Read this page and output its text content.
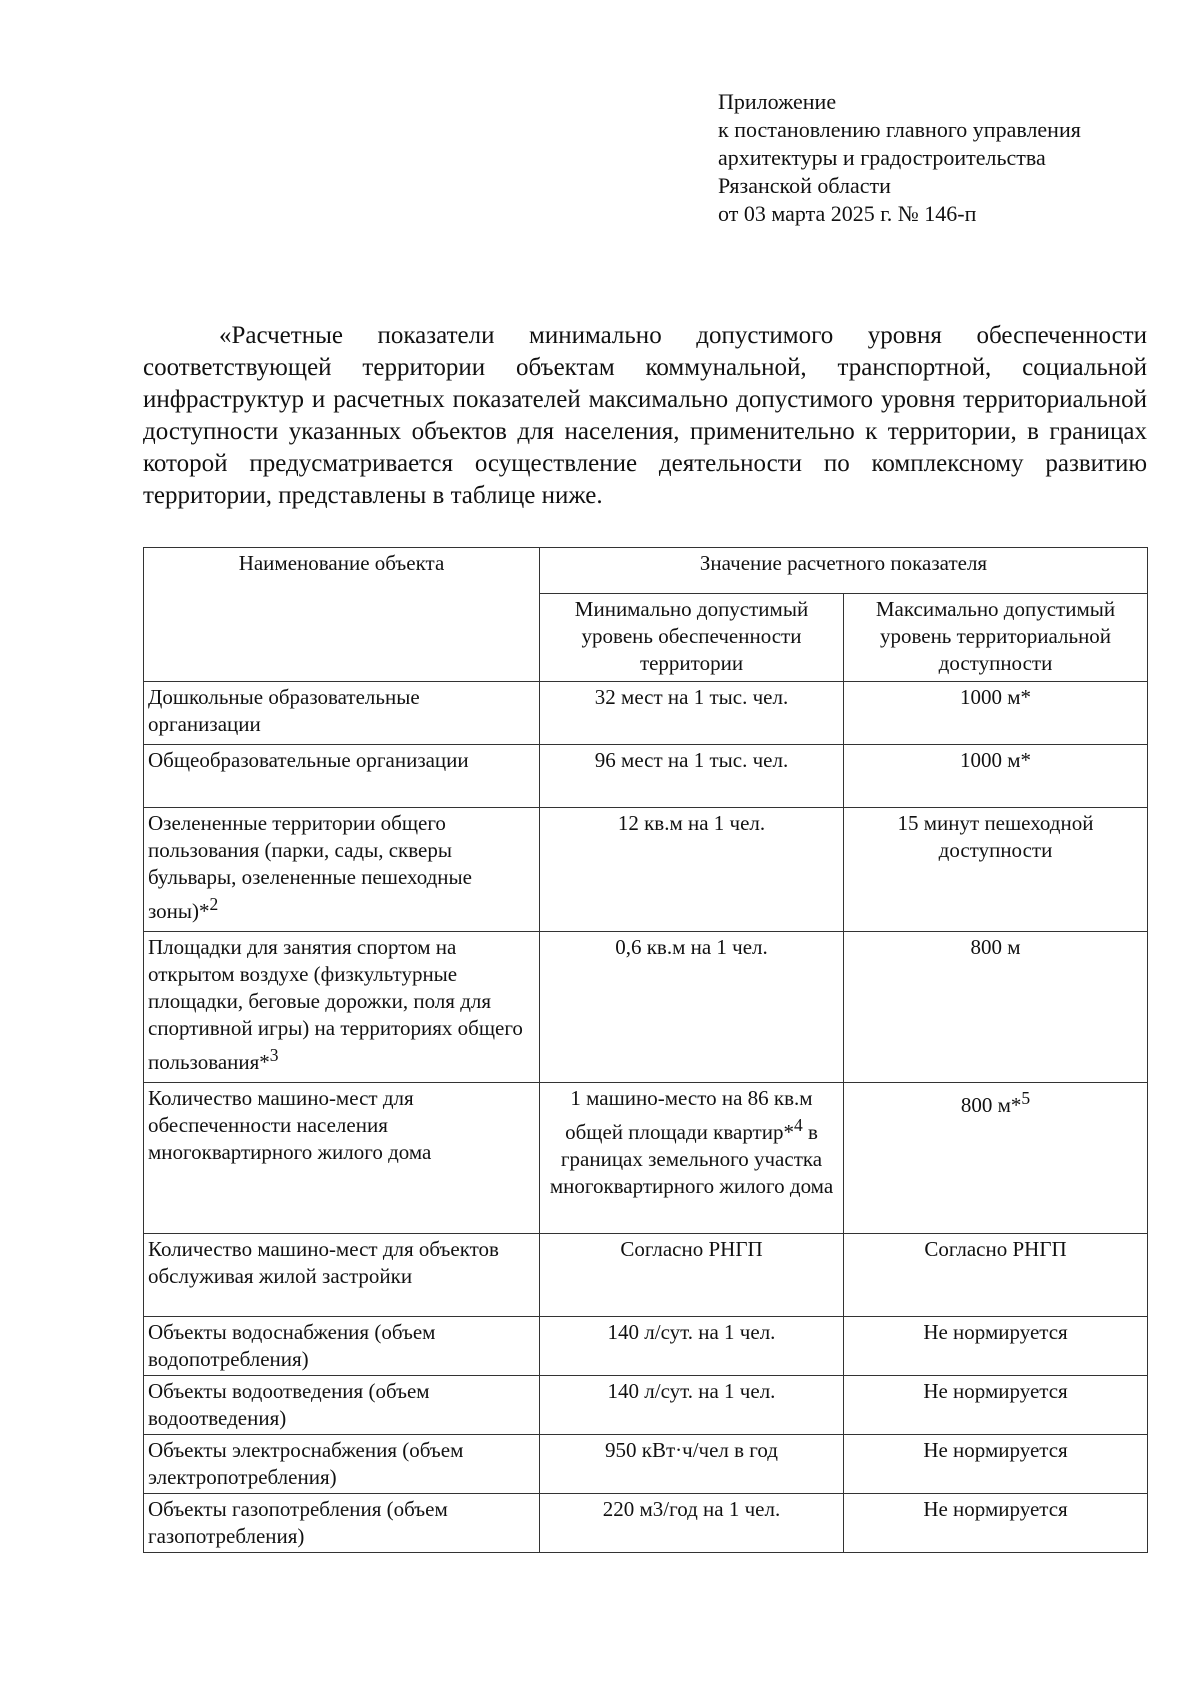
Приложение
к постановлению главного управления
архитектуры и градостроительства
Рязанской области
от 03 марта 2025 г. № 146-п

«Расчетные показатели минимально допустимого уровня обеспеченности соответствующей территории объектам коммунальной, транспортной, социальной инфраструктур и расчетных показателей максимально допустимого уровня территориальной доступности указанных объектов для населения, применительно к территории, в границах которой предусматривается осуществление деятельности по комплексному развитию территории, представлены в таблице ниже.

Наименование объекта	Значение расчетного показателя	
	Минимально допустимый уровень обеспеченности территории	Максимально допустимый уровень территориальной доступности
Дошкольные образовательные организации	32 мест на 1 тыс. чел.	1000 м*
Общеобразовательные организации	96 мест на 1 тыс. чел.	1000 м*
Озелененные территории общего пользования (парки, сады, скверы бульвары, озелененные пешеходные зоны)*$^2$	12 кв.м на 1 чел.	15 минут пешеходной доступности
Площадки для занятия спортом на открытом воздухе (физкультурные площадки, беговые дорожки, поля для спортивной игры) на территориях общего пользования*$^3$	0,6 кв.м на 1 чел.	800 м
Количество машино-мест для обеспеченности населения многоквартирного жилого дома	1 машино-место на 86 кв.м общей площади квартир*$^4$ в границах земельного участка многоквартирного жилого дома	800 м*$^5$
Количество машино-мест для объектов обслуживая жилой застройки	Согласно РНГП	Согласно РНГП
Объекты водоснабжения (объем водопотребления)	140 л/сут. на 1 чел.	Не нормируется
Объекты водоотведения (объем водоотведения)	140 л/сут. на 1 чел.	Не нормируется
Объекты электроснабжения (объем электропотребления)	950 кВт·ч/чел в год	Не нормируется
Объекты газопотребления (объем газопотребления)	220 м3/год на 1 чел.	Не нормируется
